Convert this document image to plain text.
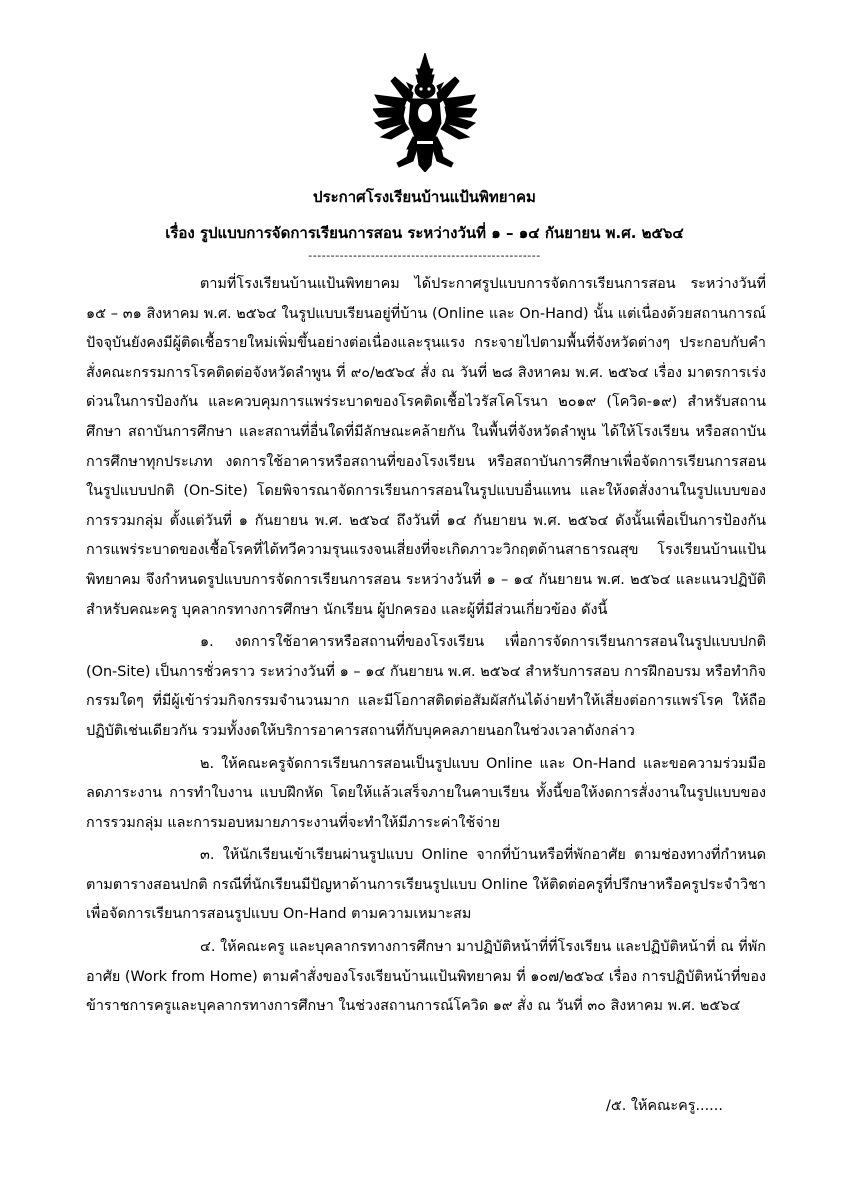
ประกาศโรงเรียนบ้านแป้นพิทยาคม
เรื่อง รูปแบบการจัดการเรียนการสอน ระหว่างวันที่ ๑ – ๑๔ กันยายน พ.ศ. ๒๕๖๔
----------------------------------------------------

ตามที่โรงเรียนบ้านแป้นพิทยาคม ได้ประกาศรูปแบบการจัดการเรียนการสอน ระหว่างวันที่ ๑๕ – ๓๑ สิงหาคม พ.ศ. ๒๕๖๔ ในรูปแบบเรียนอยู่ที่บ้าน (Online และ On-Hand) นั้น แต่เนื่องด้วยสถานการณ์ปัจจุบันยังคงมีผู้ติดเชื้อรายใหม่เพิ่มขึ้นอย่างต่อเนื่องและรุนแรง กระจายไปตามพื้นที่จังหวัดต่างๆ ประกอบกับคำสั่งคณะกรรมการโรคติดต่อจังหวัดลำพูน ที่ ๙๐/๒๕๖๔ สั่ง ณ วันที่ ๒๘ สิงหาคม พ.ศ. ๒๕๖๔ เรื่อง มาตรการเร่งด่วนในการป้องกัน และควบคุมการแพร่ระบาดของโรคติดเชื้อไวรัสโคโรนา ๒๐๑๙ (โควิด-๑๙) สำหรับสถานศึกษา สถาบันการศึกษา และสถานที่อื่นใดที่มีลักษณะคล้ายกัน ในพื้นที่จังหวัดลำพูน ได้ให้โรงเรียน หรือสถาบันการศึกษาทุกประเภท งดการใช้อาคารหรือสถานที่ของโรงเรียน หรือสถาบันการศึกษาเพื่อจัดการเรียนการสอนในรูปแบบปกติ (On-Site) โดยพิจารณาจัดการเรียนการสอนในรูปแบบอื่นแทน และให้งดสั่งงานในรูปแบบของการรวมกลุ่ม ตั้งแต่วันที่ ๑ กันยายน พ.ศ. ๒๕๖๔ ถึงวันที่ ๑๔ กันยายน พ.ศ. ๒๕๖๔ ดังนั้นเพื่อเป็นการป้องกันการแพร่ระบาดของเชื้อโรคที่ได้ทวีความรุนแรงจนเสี่ยงที่จะเกิดภาวะวิกฤตด้านสาธารณสุข โรงเรียนบ้านแป้นพิทยาคม จึงกำหนดรูปแบบการจัดการเรียนการสอน ระหว่างวันที่ ๑ – ๑๔ กันยายน พ.ศ. ๒๕๖๔ และแนวปฏิบัติสำหรับคณะครู บุคลากรทางการศึกษา นักเรียน ผู้ปกครอง และผู้ที่มีส่วนเกี่ยวข้อง ดังนี้

๑. งดการใช้อาคารหรือสถานที่ของโรงเรียน เพื่อการจัดการเรียนการสอนในรูปแบบปกติ (On-Site) เป็นการชั่วคราว ระหว่างวันที่ ๑ – ๑๔ กันยายน พ.ศ. ๒๕๖๔ สำหรับการสอบ การฝึกอบรม หรือทำกิจกรรมใดๆ ที่มีผู้เข้าร่วมกิจกรรมจำนวนมาก และมีโอกาสติดต่อสัมผัสกันได้ง่ายทำให้เสี่ยงต่อการแพร่โรค ให้ถือปฏิบัติเช่นเดียวกัน รวมทั้งงดให้บริการอาคารสถานที่กับบุคคลภายนอกในช่วงเวลาดังกล่าว

๒. ให้คณะครูจัดการเรียนการสอนเป็นรูปแบบ Online และ On-Hand และขอความร่วมมือลดภาระงาน การทำใบงาน แบบฝึกหัด โดยให้แล้วเสร็จภายในคาบเรียน ทั้งนี้ขอให้งดการสั่งงานในรูปแบบของการรวมกลุ่ม และการมอบหมายภาระงานที่จะทำให้มีภาระค่าใช้จ่าย

๓. ให้นักเรียนเข้าเรียนผ่านรูปแบบ Online จากที่บ้านหรือที่พักอาศัย ตามช่องทางที่กำหนด ตามตารางสอนปกติ กรณีที่นักเรียนมีปัญหาด้านการเรียนรูปแบบ Online ให้ติดต่อครูที่ปรึกษาหรือครูประจำวิชา เพื่อจัดการเรียนการสอนรูปแบบ On-Hand ตามความเหมาะสม

๔. ให้คณะครู และบุคลากรทางการศึกษา มาปฏิบัติหน้าที่ที่โรงเรียน และปฏิบัติหน้าที่ ณ ที่พักอาศัย (Work from Home) ตามคำสั่งของโรงเรียนบ้านแป้นพิทยาคม ที่ ๑๐๗/๒๕๖๔ เรื่อง การปฏิบัติหน้าที่ของข้าราชการครูและบุคลากรทางการศึกษา ในช่วงสถานการณ์โควิด ๑๙ สั่ง ณ วันที่ ๓๐ สิงหาคม พ.ศ. ๒๕๖๔

/๕. ให้คณะครู......
